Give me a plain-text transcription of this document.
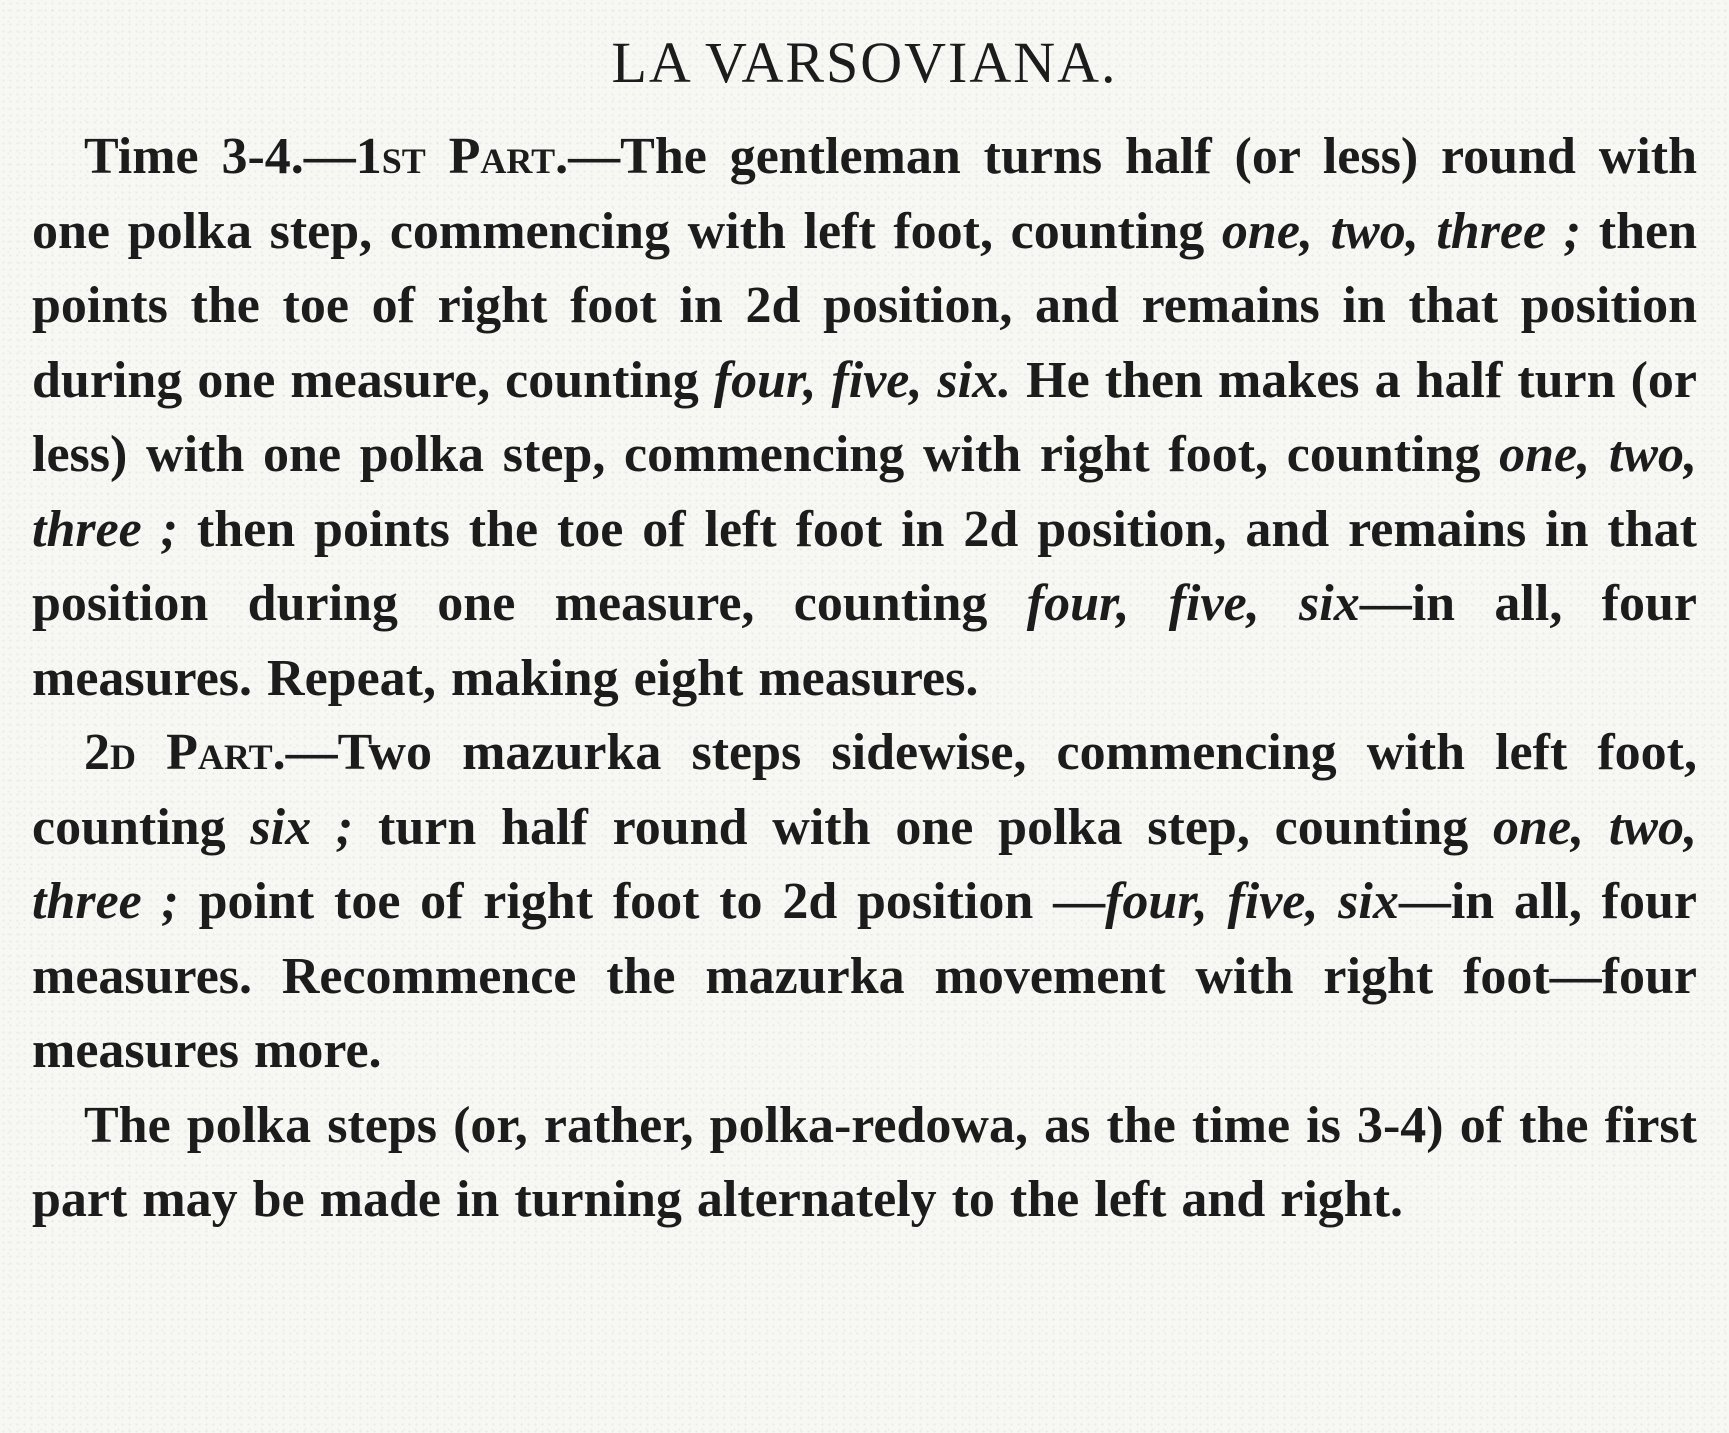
LA VARSOVIANA.

Time 3-4.—1st Part.—The gentleman turns half (or less) round with one polka step, commencing with left foot, counting one, two, three ; then points the toe of right foot in 2d position, and remains in that position during one measure, counting four, five, six. He then makes a half turn (or less) with one polka step, commencing with right foot, counting one, two, three ; then points the toe of left foot in 2d position, and remains in that position during one measure, counting four, five, six—in all, four measures. Repeat, making eight measures.

2d Part.—Two mazurka steps sidewise, commencing with left foot, counting six ; turn half round with one polka step, counting one, two, three ; point toe of right foot to 2d position —four, five, six—in all, four measures. Recommence the mazurka movement with right foot—four measures more.

The polka steps (or, rather, polka-redowa, as the time is 3-4) of the first part may be made in turning alternately to the left and right.
